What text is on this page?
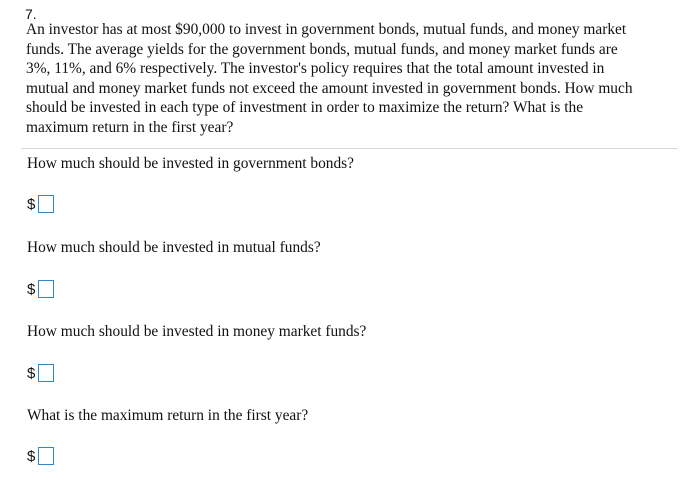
7.
An investor has at most $90,000 to invest in government bonds, mutual funds, and money market
funds. The average yields for the government bonds, mutual funds, and money market funds are
3%, 11%, and 6% respectively. The investor's policy requires that the total amount invested in
mutual and money market funds not exceed the amount invested in government bonds. How much
should be invested in each type of investment in order to maximize the return? What is the
maximum return in the first year?
How much should be invested in government bonds?
$
How much should be invested in mutual funds?
$
How much should be invested in money market funds?
$
What is the maximum return in the first year?
$
